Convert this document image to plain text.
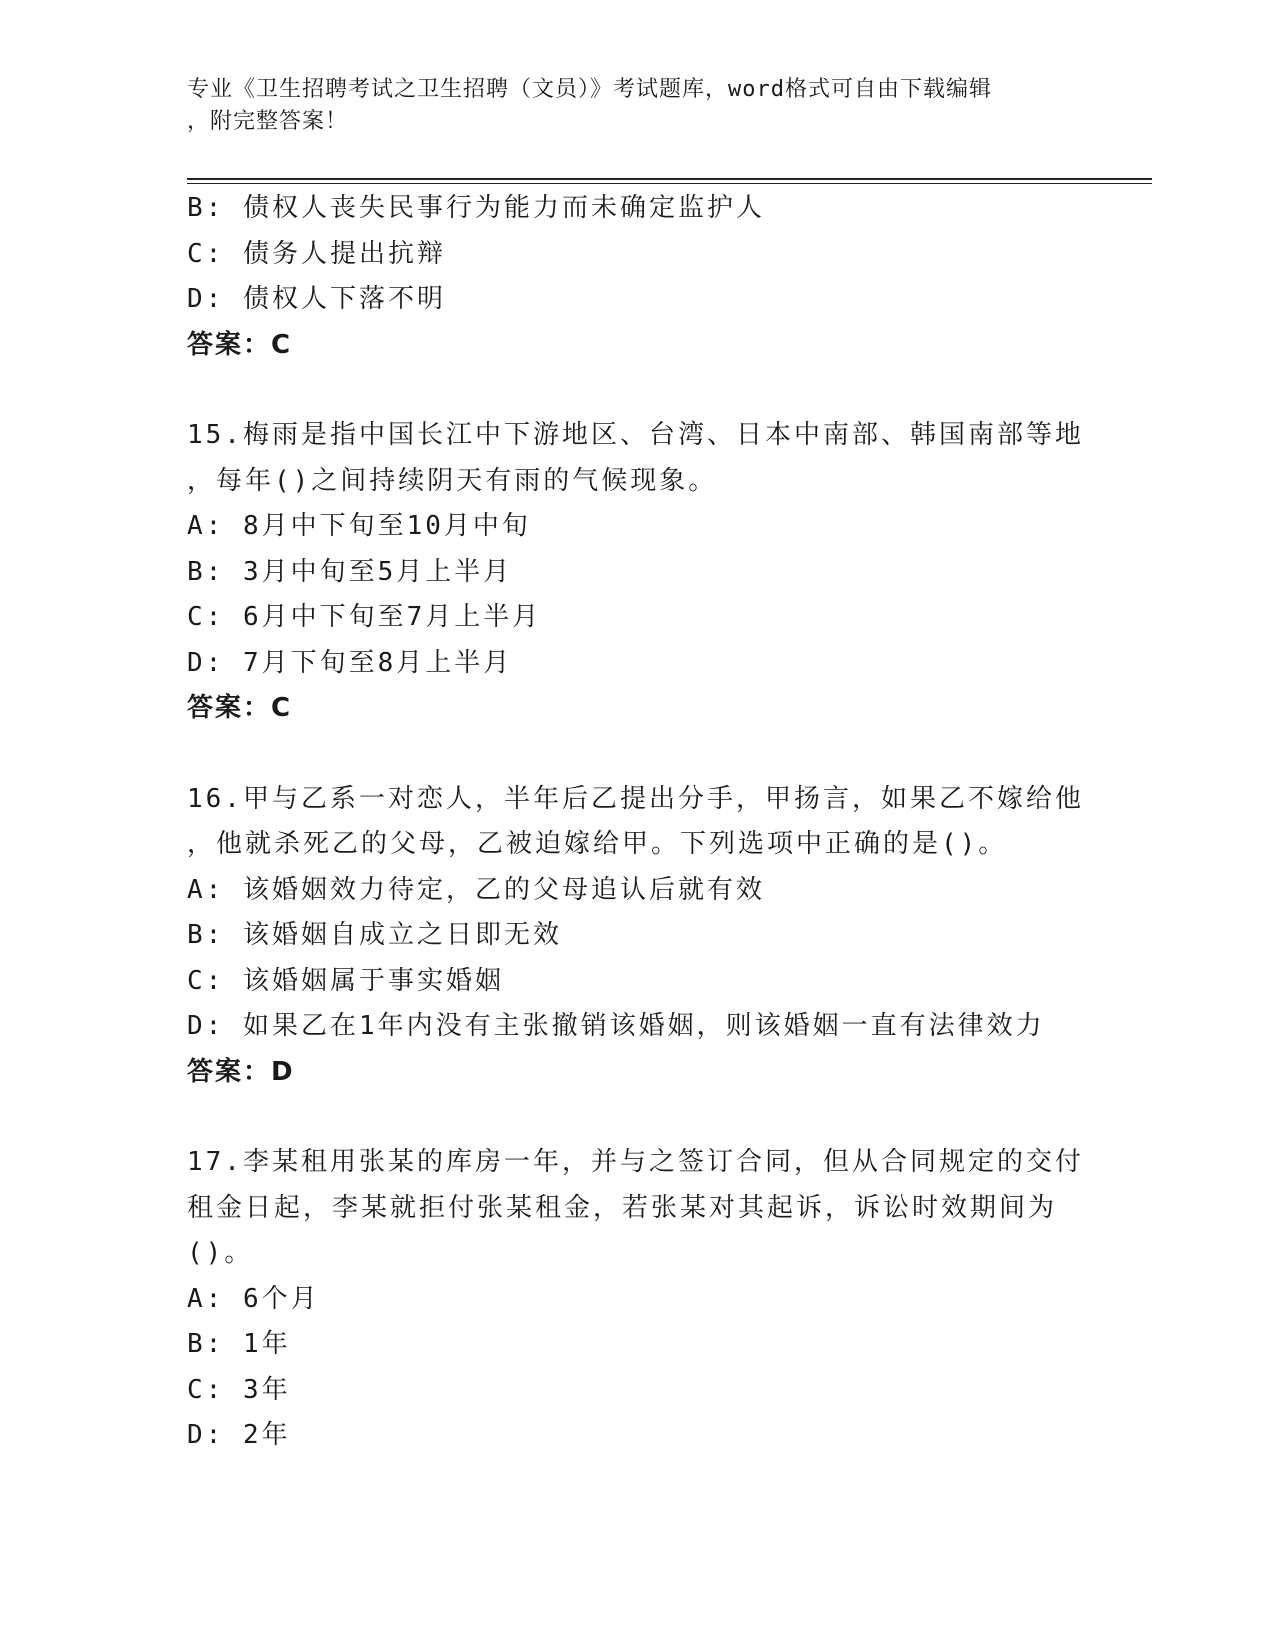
专业《卫生招聘考试之卫生招聘（文员）》考试题库，word格式可自由下载编辑
，附完整答案！
B: 债权人丧失民事行为能力而未确定监护人
C: 债务人提出抗辩
D: 债权人下落不明
答案：C
15.梅雨是指中国长江中下游地区、台湾、日本中南部、韩国南部等地
，每年()之间持续阴天有雨的气候现象。
A: 8月中下旬至10月中旬
B: 3月中旬至5月上半月
C: 6月中下旬至7月上半月
D: 7月下旬至8月上半月
答案：C
16.甲与乙系一对恋人，半年后乙提出分手，甲扬言，如果乙不嫁给他
，他就杀死乙的父母，乙被迫嫁给甲。下列选项中正确的是()。
A: 该婚姻效力待定，乙的父母追认后就有效
B: 该婚姻自成立之日即无效
C: 该婚姻属于事实婚姻
D: 如果乙在1年内没有主张撤销该婚姻，则该婚姻一直有法律效力
答案：D
17.李某租用张某的库房一年，并与之签订合同，但从合同规定的交付
租金日起，李某就拒付张某租金，若张某对其起诉，诉讼时效期间为
()。
A: 6个月
B: 1年
C: 3年
D: 2年
